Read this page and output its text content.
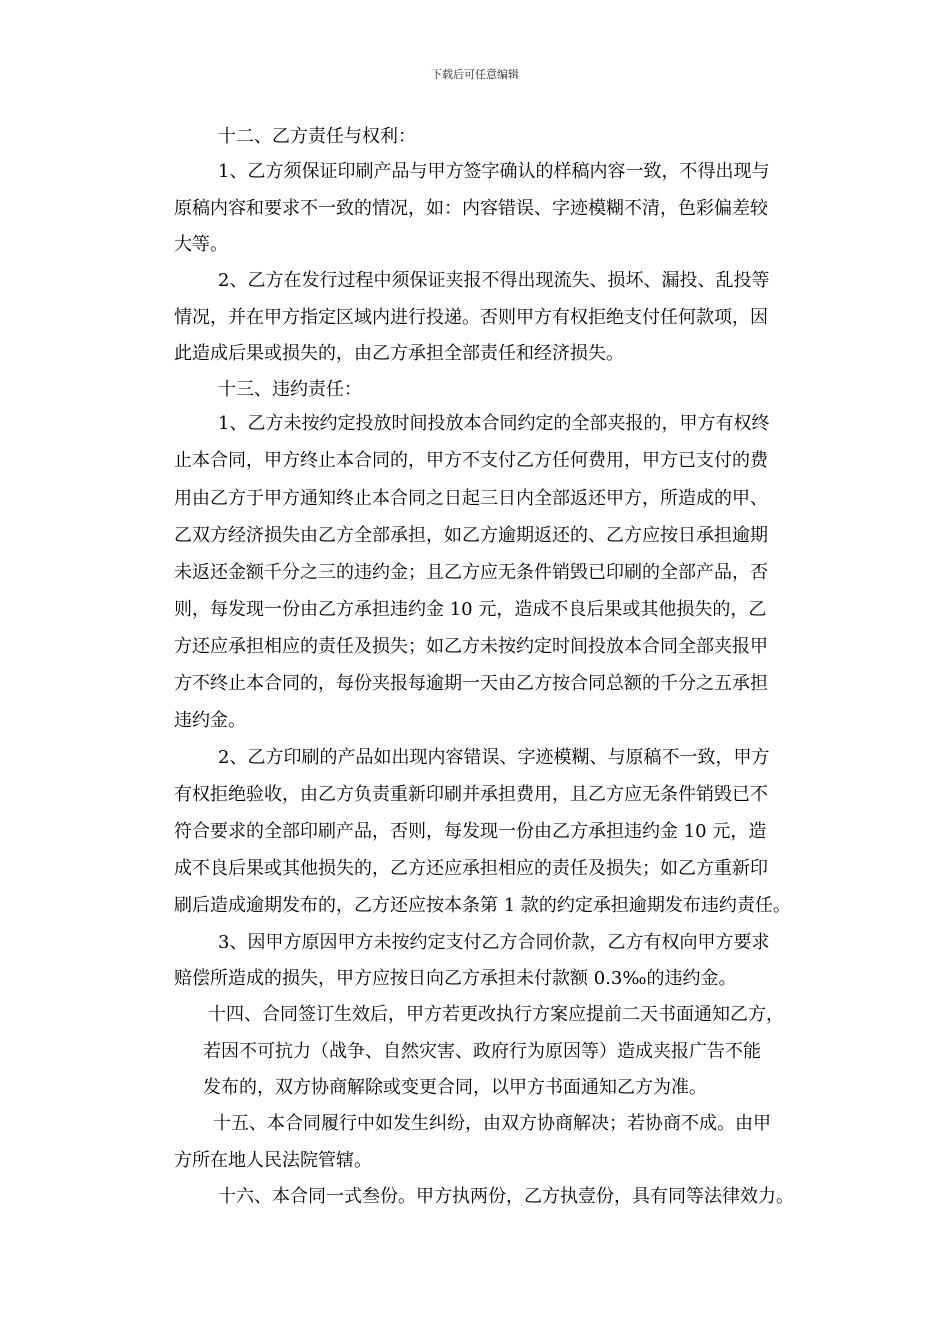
下载后可任意编辑

十二、乙方责任与权利：

1、乙方须保证印刷产品与甲方签字确认的样稿内容一致，不得出现与

原稿内容和要求不一致的情况，如：内容错误、字迹模糊不清，色彩偏差较

大等。

2、乙方在发行过程中须保证夹报不得出现流失、损坏、漏投、乱投等

情况，并在甲方指定区域内进行投递。否则甲方有权拒绝支付任何款项，因

此造成后果或损失的，由乙方承担全部责任和经济损失。

十三、违约责任：

1、乙方未按约定投放时间投放本合同约定的全部夹报的，甲方有权终

止本合同，甲方终止本合同的，甲方不支付乙方任何费用，甲方已支付的费

用由乙方于甲方通知终止本合同之日起三日内全部返还甲方，所造成的甲、

乙双方经济损失由乙方全部承担，如乙方逾期返还的、乙方应按日承担逾期

未返还金额千分之三的违约金；且乙方应无条件销毁已印刷的全部产品，否

则，每发现一份由乙方承担违约金 10 元，造成不良后果或其他损失的，乙

方还应承担相应的责任及损失；如乙方未按约定时间投放本合同全部夹报甲

方不终止本合同的，每份夹报每逾期一天由乙方按合同总额的千分之五承担

违约金。

2、乙方印刷的产品如出现内容错误、字迹模糊、与原稿不一致，甲方

有权拒绝验收，由乙方负责重新印刷并承担费用，且乙方应无条件销毁已不

符合要求的全部印刷产品，否则，每发现一份由乙方承担违约金 10 元，造

成不良后果或其他损失的，乙方还应承担相应的责任及损失；如乙方重新印

刷后造成逾期发布的，乙方还应按本条第 1 款的约定承担逾期发布违约责任。

3、因甲方原因甲方未按约定支付乙方合同价款，乙方有权向甲方要求

赔偿所造成的损失，甲方应按日向乙方承担未付款额 0.3‰的违约金。

十四、合同签订生效后，甲方若更改执行方案应提前二天书面通知乙方，

若因不可抗力（战争、自然灾害、政府行为原因等）造成夹报广告不能

发布的，双方协商解除或变更合同，以甲方书面通知乙方为准。

十五、本合同履行中如发生纠纷，由双方协商解决；若协商不成。由甲

方所在地人民法院管辖。

十六、本合同一式叁份。甲方执两份，乙方执壹份，具有同等法律效力。
